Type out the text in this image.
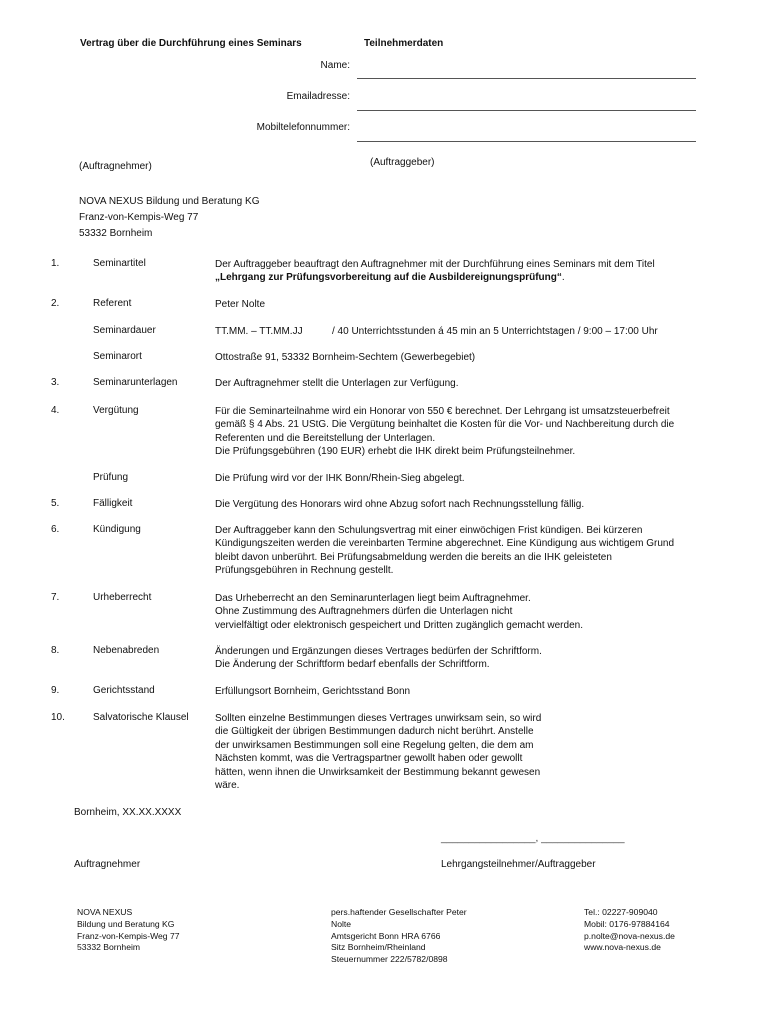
Vertrag über die Durchführung eines Seminars	Teilnehmerdaten
Name:
Emailadresse:
Mobiltelefonnummer:
(Auftragnehmer)	(Auftraggeber)
NOVA NEXUS Bildung und Beratung KG
Franz-von-Kempis-Weg 77
53332 Bornheim
1.	Seminartitel	Der Auftraggeber beauftragt den Auftragnehmer mit der Durchführung eines Seminars mit dem Titel
„Lehrgang zur Prüfungsvorbereitung auf die Ausbildereignungsprüfung“.
2.	Referent	Peter Nolte
Seminardauer	TT.MM. – TT.MM.JJ	/ 40 Unterrichtsstunden á 45 min an 5 Unterrichtstagen / 9:00 – 17:00 Uhr
Seminarort	Ottostraße 91, 53332 Bornheim-Sechtem (Gewerbegebiet)
3.	Seminarunterlagen	Der Auftragnehmer stellt die Unterlagen zur Verfügung.
4.	Vergütung	Für die Seminarteilnahme wird ein Honorar von 550 € berechnet. Der Lehrgang ist umsatzsteuerbefreit
gemäß § 4 Abs. 21 UStG. Die Vergütung beinhaltet die Kosten für die Vor- und Nachbereitung durch die
Referenten und die Bereitstellung der Unterlagen.
Die Prüfungsgebühren (190 EUR) erhebt die IHK direkt beim Prüfungsteilnehmer.
Prüfung	Die Prüfung wird vor der IHK Bonn/Rhein-Sieg abgelegt.
5.	Fälligkeit	Die Vergütung des Honorars wird ohne Abzug sofort nach Rechnungsstellung fällig.
6.	Kündigung	Der Auftraggeber kann den Schulungsvertrag mit einer einwöchigen Frist kündigen. Bei kürzeren
Kündigungszeiten werden die vereinbarten Termine abgerechnet. Eine Kündigung aus wichtigem Grund
bleibt davon unberührt. Bei Prüfungsabmeldung werden die bereits an die IHK geleisteten
Prüfungsgebühren in Rechnung gestellt.
7.	Urheberrecht	Das Urheberrecht an den Seminarunterlagen liegt beim Auftragnehmer.
Ohne Zustimmung des Auftragnehmers dürfen die Unterlagen nicht
vervielfältigt oder elektronisch gespeichert und Dritten zugänglich gemacht werden.
8.	Nebenabreden	Änderungen und Ergänzungen dieses Vertrages bedürfen der Schriftform.
Die Änderung der Schriftform bedarf ebenfalls der Schriftform.
9.	Gerichtsstand	Erfüllungsort Bornheim, Gerichtsstand Bonn
10.	Salvatorische Klausel	Sollten einzelne Bestimmungen dieses Vertrages unwirksam sein, so wird
die Gültigkeit der übrigen Bestimmungen dadurch nicht berührt. Anstelle
der unwirksamen Bestimmungen soll eine Regelung gelten, die dem am
Nächsten kommt, was die Vertragspartner gewollt haben oder gewollt
hätten, wenn ihnen die Unwirksamkeit der Bestimmung bekannt gewesen
wäre.
Bornheim, XX.XX.XXXX
_________________, _______________
Auftragnehmer	Lehrgangsteilnehmer/Auftraggeber
NOVA NEXUS
Bildung und Beratung KG
Franz-von-Kempis-Weg 77
53332 Bornheim
pers.haftender Gesellschafter Peter
Nolte
Amtsgericht Bonn HRA 6766
Sitz Bornheim/Rheinland
Steuernummer 222/5782/0898
Tel.: 02227-909040
Mobil: 0176-97884164
p.nolte@nova-nexus.de
www.nova-nexus.de
